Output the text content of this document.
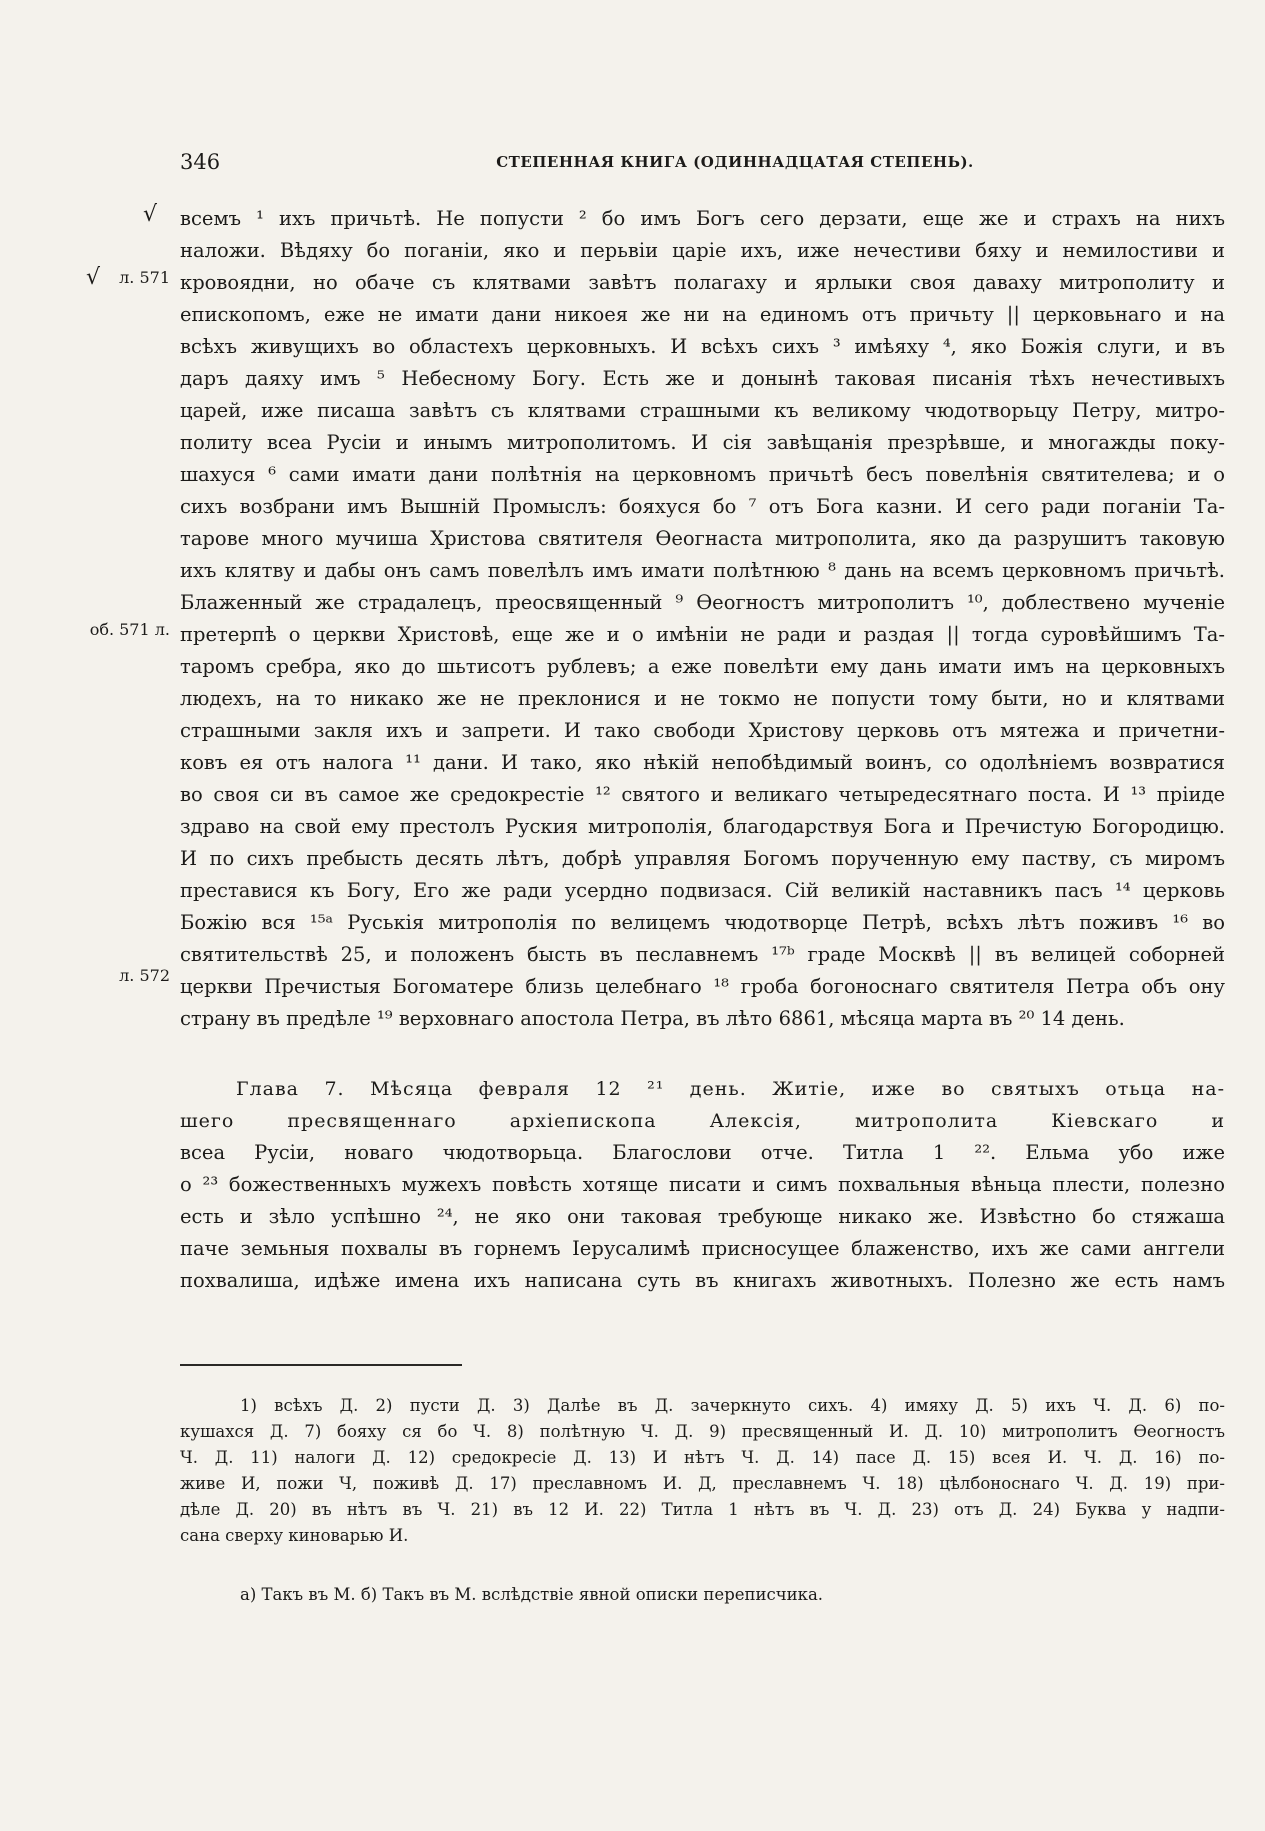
346	СТЕПЕННАЯ КНИГА (ОДИННАДЦАТАЯ СТЕПЕНЬ).
√
√	л. 571
об. 571 л.
л. 572
всемъ ¹ ихъ причьтѣ. Не попусти ² бо имъ Богъ сего дерзати, еще же и страхъ на нихъ
наложи. Вѣдяху бо поганіи, яко и перьвіи царіе ихъ, иже нечестиви бяху и немилостиви и
кровоядни, но обаче съ клятвами завѣтъ полагаху и ярлыки своя даваху митрополиту и
епископомъ, еже не имати дани никоея же ни на единомъ отъ причьту || церковьнаго и на
всѣхъ живущихъ во областехъ церковныхъ. И всѣхъ сихъ ³ имѣяху ⁴, яко Божія слуги, и въ
даръ даяху имъ ⁵ Небесному Богу. Есть же и донынѣ таковая писанія тѣхъ нечестивыхъ
царей, иже писаша завѣтъ съ клятвами страшными къ великому чюдотворьцу Петру, митро-
политу всеа Русіи и инымъ митрополитомъ. И сія завѣщанія презрѣвше, и многажды поку-
шахуся ⁶ сами имати дани полѣтнія на церковномъ причьтѣ бесъ повелѣнія святителева; и о
сихъ возбрани имъ Вышній Промыслъ: бояхуся бо ⁷ отъ Бога казни. И сего ради поганіи Та-
тарове много мучиша Христова святителя Ѳеогнаста митрополита, яко да разрушитъ таковую
ихъ клятву и дабы онъ самъ повелѣлъ имъ имати полѣтнюю ⁸ дань на всемъ церковномъ причьтѣ.
Блаженный же страдалецъ, преосвященный ⁹ Ѳеогностъ митрополитъ ¹⁰, доблествено мученіе
претерпѣ о церкви Христовѣ, еще же и о имѣніи не ради и раздая || тогда суровѣйшимъ Та-
таромъ сребра, яко до шьтисотъ рублевъ; а еже повелѣти ему дань имати имъ на церковныхъ
людехъ, на то никако же не преклонися и не токмо не попусти тому быти, но и клятвами
страшными закля ихъ и запрети. И тако свободи Христову церковь отъ мятежа и причетни-
ковъ ея отъ налога ¹¹ дани. И тако, яко нѣкій непобѣдимый воинъ, со одолѣніемъ возвратися
во своя си въ самое же средокрестіе ¹² святого и великаго четыредесятнаго поста. И ¹³ пріиде
здраво на свой ему престолъ Руския митрополія, благодарствуя Бога и Пречистую Богородицю.
И по сихъ пребысть десять лѣтъ, добрѣ управляя Богомъ порученную ему паству, съ миромъ
преставися къ Богу, Его же ради усердно подвизася. Сій великій наставникъ пасъ ¹⁴ церковь
Божію вся ¹⁵ᵃ Руськія митрополія по велицемъ чюдотворце Петрѣ, всѣхъ лѣтъ поживъ ¹⁶ во
святительствѣ 25, и положенъ бысть въ пеславнемъ ¹⁷ᵇ граде Москвѣ || въ велицей соборней
церкви Пречистыя Богоматере близь целебнаго ¹⁸ гроба богоноснаго святителя Петра объ ону
страну въ предѣле ¹⁹ верховнаго апостола Петра, въ лѣто 6861, мѣсяца марта въ ²⁰ 14 день.
Глава 7. Мѣсяца февраля 12 ²¹ день. Житіе, иже во святыхъ отьца на-
шего пресвященнаго архіепископа Алексія, митрополита Кіевскаго и
всеа Русіи, новаго чюдотворьца. Благослови отче. Титла 1 ²². Ельма убо иже
о ²³ божественныхъ мужехъ повѣсть хотяще писати и симъ похвальныя вѣньца плести, полезно
есть и зѣло успѣшно ²⁴, не яко они таковая требующе никако же. Извѣстно бо стяжаша
паче земьныя похвалы въ горнемъ Іерусалимѣ присносущее блаженство, ихъ же сами анггели
похвалиша, идѣже имена ихъ написана суть въ книгахъ животныхъ. Полезно же есть намъ
1) всѣхъ Д. 2) пусти Д. 3) Далѣе въ Д. зачеркнуто сихъ. 4) имяху Д. 5) ихъ Ч. Д. 6) по-
кушахся Д. 7) бояху ся бо Ч. 8) полѣтную Ч. Д. 9) пресвященный И. Д. 10) митрополитъ Ѳеогностъ
Ч. Д. 11) налоги Д. 12) средокресіе Д. 13) И нѣтъ Ч. Д. 14) пасе Д. 15) всея И. Ч. Д. 16) по-
живе И, пожи Ч, поживѣ Д. 17) преславномъ И. Д, преславнемъ Ч. 18) цѣлбоноснаго Ч. Д. 19) при-
дѣле Д. 20) въ нѣтъ въ Ч. 21) въ 12 И. 22) Титла 1 нѣтъ въ Ч. Д. 23) отъ Д. 24) Буква у надпи-
сана сверху киноварью И.
а) Такъ въ М. б) Такъ въ М. вслѣдствіе явной описки переписчика.
